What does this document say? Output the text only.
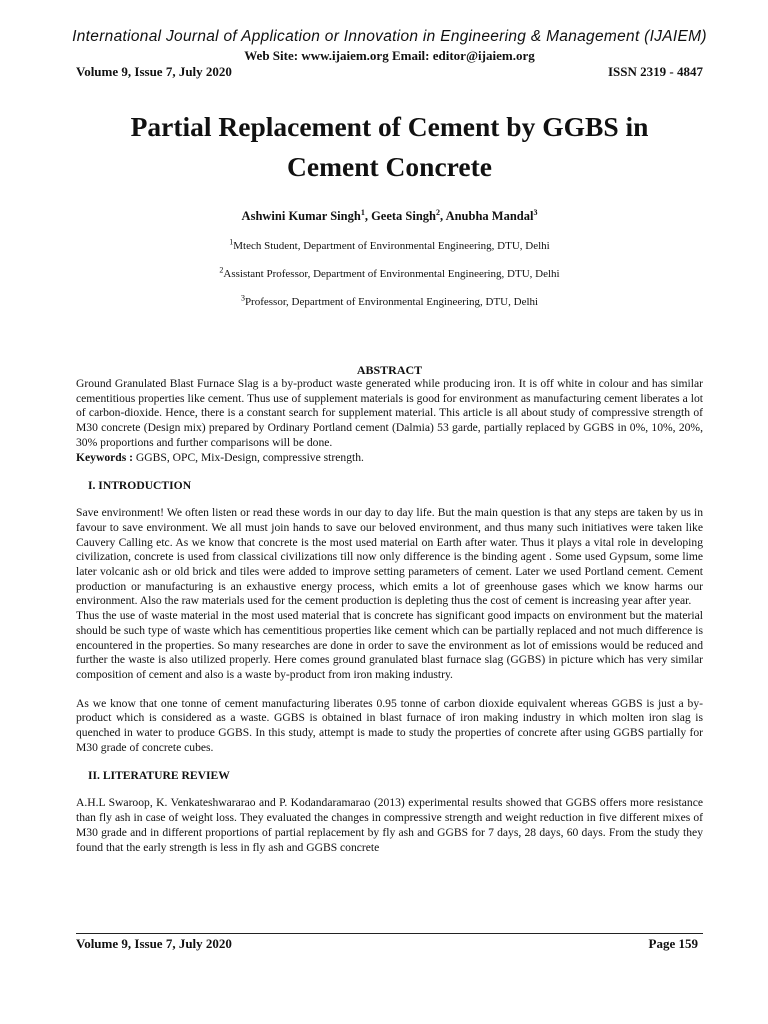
International Journal of Application or Innovation in Engineering & Management (IJAIEM)
Web Site: www.ijaiem.org Email: editor@ijaiem.org
Volume 9, Issue 7, July 2020	ISSN 2319 - 4847
Partial Replacement of Cement by GGBS in Cement Concrete
Ashwini Kumar Singh$^1$, Geeta Singh$^2$, Anubha Mandal$^3$
$^1$Mtech Student, Department of Environmental Engineering, DTU, Delhi
$^2$Assistant Professor, Department of Environmental Engineering, DTU, Delhi
$^3$Professor, Department of Environmental Engineering, DTU, Delhi
ABSTRACT

Ground Granulated Blast Furnace Slag is a by-product waste generated while producing iron. It is off white in colour and has similar cementitious properties like cement. Thus use of supplement materials is good for environment as manufacturing cement liberates a lot of carbon-dioxide. Hence, there is a constant search for supplement material. This article is all about study of compressive strength of M30 concrete (Design mix) prepared by Ordinary Portland cement (Dalmia) 53 garde, partially replaced by GGBS in 0%, 10%, 20%, 30% proportions and further comparisons will be done.

Keywords : GGBS, OPC, Mix-Design, compressive strength.

I. INTRODUCTION

Save environment! We often listen or read these words in our day to day life. But the main question is that any steps are taken by us in favour to save environment. We all must join hands to save our beloved environment, and thus many such initiatives were taken like Cauvery Calling etc. As we know that concrete is the most used material on Earth after water. Thus it plays a vital role in developing civilization, concrete is used from classical civilizations till now only difference is the binding agent . Some used Gypsum, some lime later volcanic ash or old brick and tiles were added to improve setting parameters of cement. Later we used Portland cement. Cement production or manufacturing is an exhaustive energy process, which emits a lot of greenhouse gases which we know harms our environment. Also the raw materials used for the cement production is depleting thus the cost of cement is increasing year after year.

Thus the use of waste material in the most used material that is concrete has significant good impacts on environment but the material should be such type of waste which has cementitious properties like cement which can be partially replaced and not much difference is encountered in the properties. So many researches are done in order to save the environment as lot of emissions would be reduced and further the waste is also utilized properly. Here comes ground granulated blast furnace slag (GGBS) in picture which has very similar composition of cement and also is a waste by-product from iron making industry.

As we know that one tonne of cement manufacturing liberates 0.95 tonne of carbon dioxide equivalent whereas GGBS is just a by-product which is considered as a waste. GGBS is obtained in blast furnace of iron making industry in which molten iron slag is quenched in water to produce GGBS. In this study, attempt is made to study the properties of concrete after using GGBS partially for M30 grade of concrete cubes.

II. LITERATURE REVIEW

A.H.L Swaroop, K. Venkateshwararao and P. Kodandaramarao (2013) experimental results showed that GGBS offers more resistance than fly ash in case of weight loss. They evaluated the changes in compressive strength and weight reduction in five different mixes of M30 grade and in different proportions of partial replacement by fly ash and GGBS for 7 days, 28 days, 60 days. From the study they found that the early strength is less in fly ash and GGBS concrete

Volume 9, Issue 7, July 2020	Page 159
